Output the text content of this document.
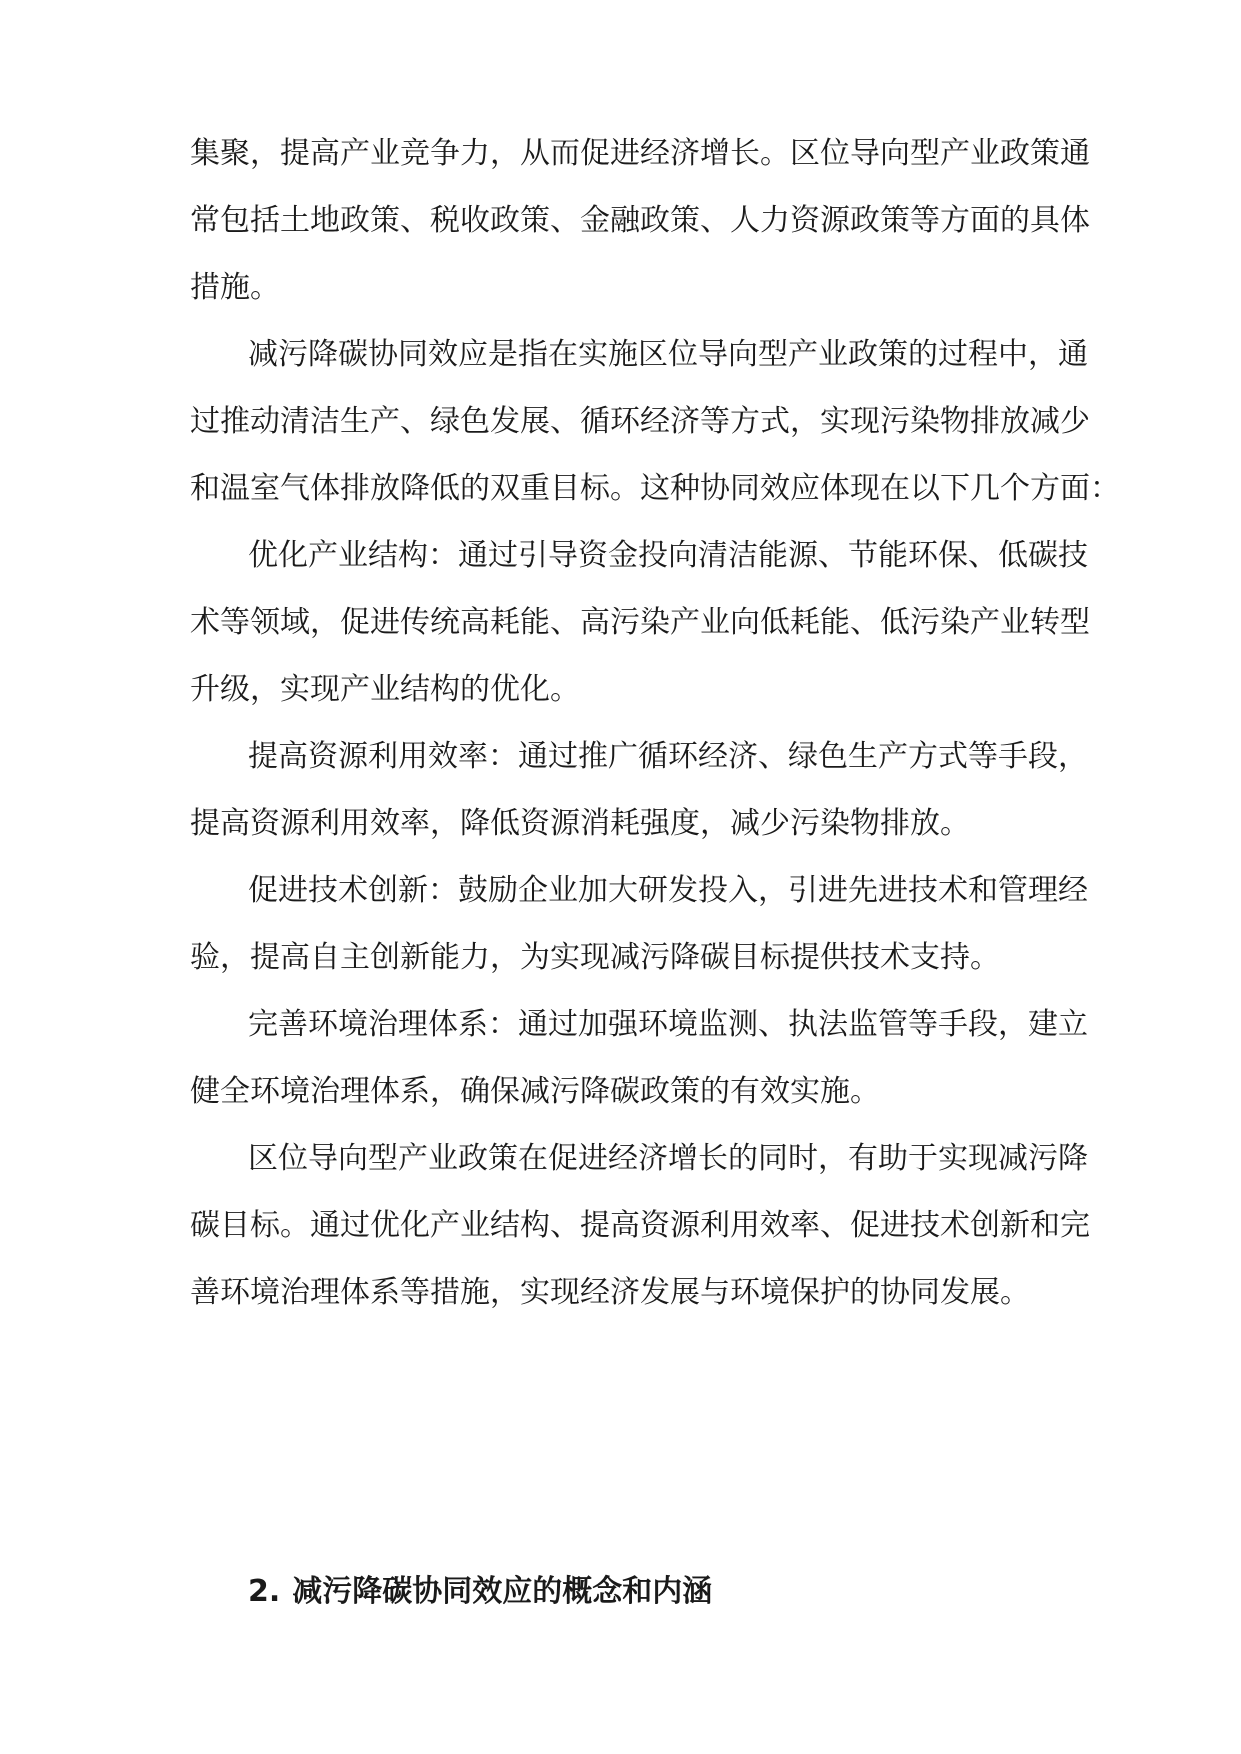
集聚，提高产业竞争力，从而促进经济增长。区位导向型产业政策通
常包括土地政策、税收政策、金融政策、人力资源政策等方面的具体
措施。
减污降碳协同效应是指在实施区位导向型产业政策的过程中，通
过推动清洁生产、绿色发展、循环经济等方式，实现污染物排放减少
和温室气体排放降低的双重目标。这种协同效应体现在以下几个方面：
优化产业结构：通过引导资金投向清洁能源、节能环保、低碳技
术等领域，促进传统高耗能、高污染产业向低耗能、低污染产业转型
升级，实现产业结构的优化。
提高资源利用效率：通过推广循环经济、绿色生产方式等手段，
提高资源利用效率，降低资源消耗强度，减少污染物排放。
促进技术创新：鼓励企业加大研发投入，引进先进技术和管理经
验，提高自主创新能力，为实现减污降碳目标提供技术支持。
完善环境治理体系：通过加强环境监测、执法监管等手段，建立
健全环境治理体系，确保减污降碳政策的有效实施。
区位导向型产业政策在促进经济增长的同时，有助于实现减污降
碳目标。通过优化产业结构、提高资源利用效率、促进技术创新和完
善环境治理体系等措施，实现经济发展与环境保护的协同发展。
2. 减污降碳协同效应的概念和内涵
